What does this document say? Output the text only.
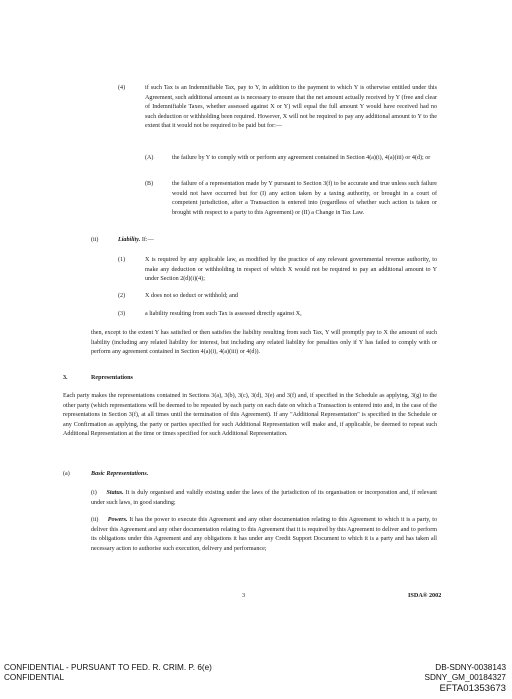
(4)	if such Tax is an Indemnifiable Tax, pay to Y, in addition to the payment to which Y is otherwise entitled under this Agreement, such additional amount as is necessary to ensure that the net amount actually received by Y (free and clear of Indemnifiable Taxes, whether assessed against X or Y) will equal the full amount Y would have received had no such deduction or withholding been required. However, X will not be required to pay any additional amount to Y to the extent that it would not be required to be paid but for:—

(A)	the failure by Y to comply with or perform any agreement contained in Section 4(a)(i), 4(a)(iii) or 4(d); or

(B)	the failure of a representation made by Y pursuant to Section 3(f) to be accurate and true unless such failure would not have occurred but for (I) any action taken by a taxing authority, or brought in a court of competent jurisdiction, after a Transaction is entered into (regardless of whether such action is taken or brought with respect to a party to this Agreement) or (II) a Change in Tax Law.

(ii)	Liability. If:—

(1)	X is required by any applicable law, as modified by the practice of any relevant governmental revenue authority, to make any deduction or withholding in respect of which X would not be required to pay an additional amount to Y under Section 2(d)(i)(4);

(2)	X does not so deduct or withhold; and

(3)	a liability resulting from such Tax is assessed directly against X,

then, except to the extent Y has satisfied or then satisfies the liability resulting from such Tax, Y will promptly pay to X the amount of such liability (including any related liability for interest, but including any related liability for penalties only if Y has failed to comply with or perform any agreement contained in Section 4(a)(i), 4(a)(iii) or 4(d)).

3.	Representations

Each party makes the representations contained in Sections 3(a), 3(b), 3(c), 3(d), 3(e) and 3(f) and, if specified in the Schedule as applying, 3(g) to the other party (which representations will be deemed to be repeated by each party on each date on which a Transaction is entered into and, in the case of the representations in Section 3(f), at all times until the termination of this Agreement). If any "Additional Representation" is specified in the Schedule or any Confirmation as applying, the party or parties specified for such Additional Representation will make and, if applicable, be deemed to repeat such Additional Representation at the time or times specified for such Additional Representation.

(a)	Basic Representations.

(i) Status. It is duly organised and validly existing under the laws of the jurisdiction of its organisation or incorporation and, if relevant under such laws, in good standing;

(ii) Powers. It has the power to execute this Agreement and any other documentation relating to this Agreement to which it is a party, to deliver this Agreement and any other documentation relating to this Agreement that it is required by this Agreement to deliver and to perform its obligations under this Agreement and any obligations it has under any Credit Support Document to which it is a party and has taken all necessary action to authorise such execution, delivery and performance;

3	ISDA® 2002
CONFIDENTIAL - PURSUANT TO FED. R. CRIM. P. 6(e)
CONFIDENTIAL
DB-SDNY-0038143
SDNY_GM_00184327
EFTA01353673
